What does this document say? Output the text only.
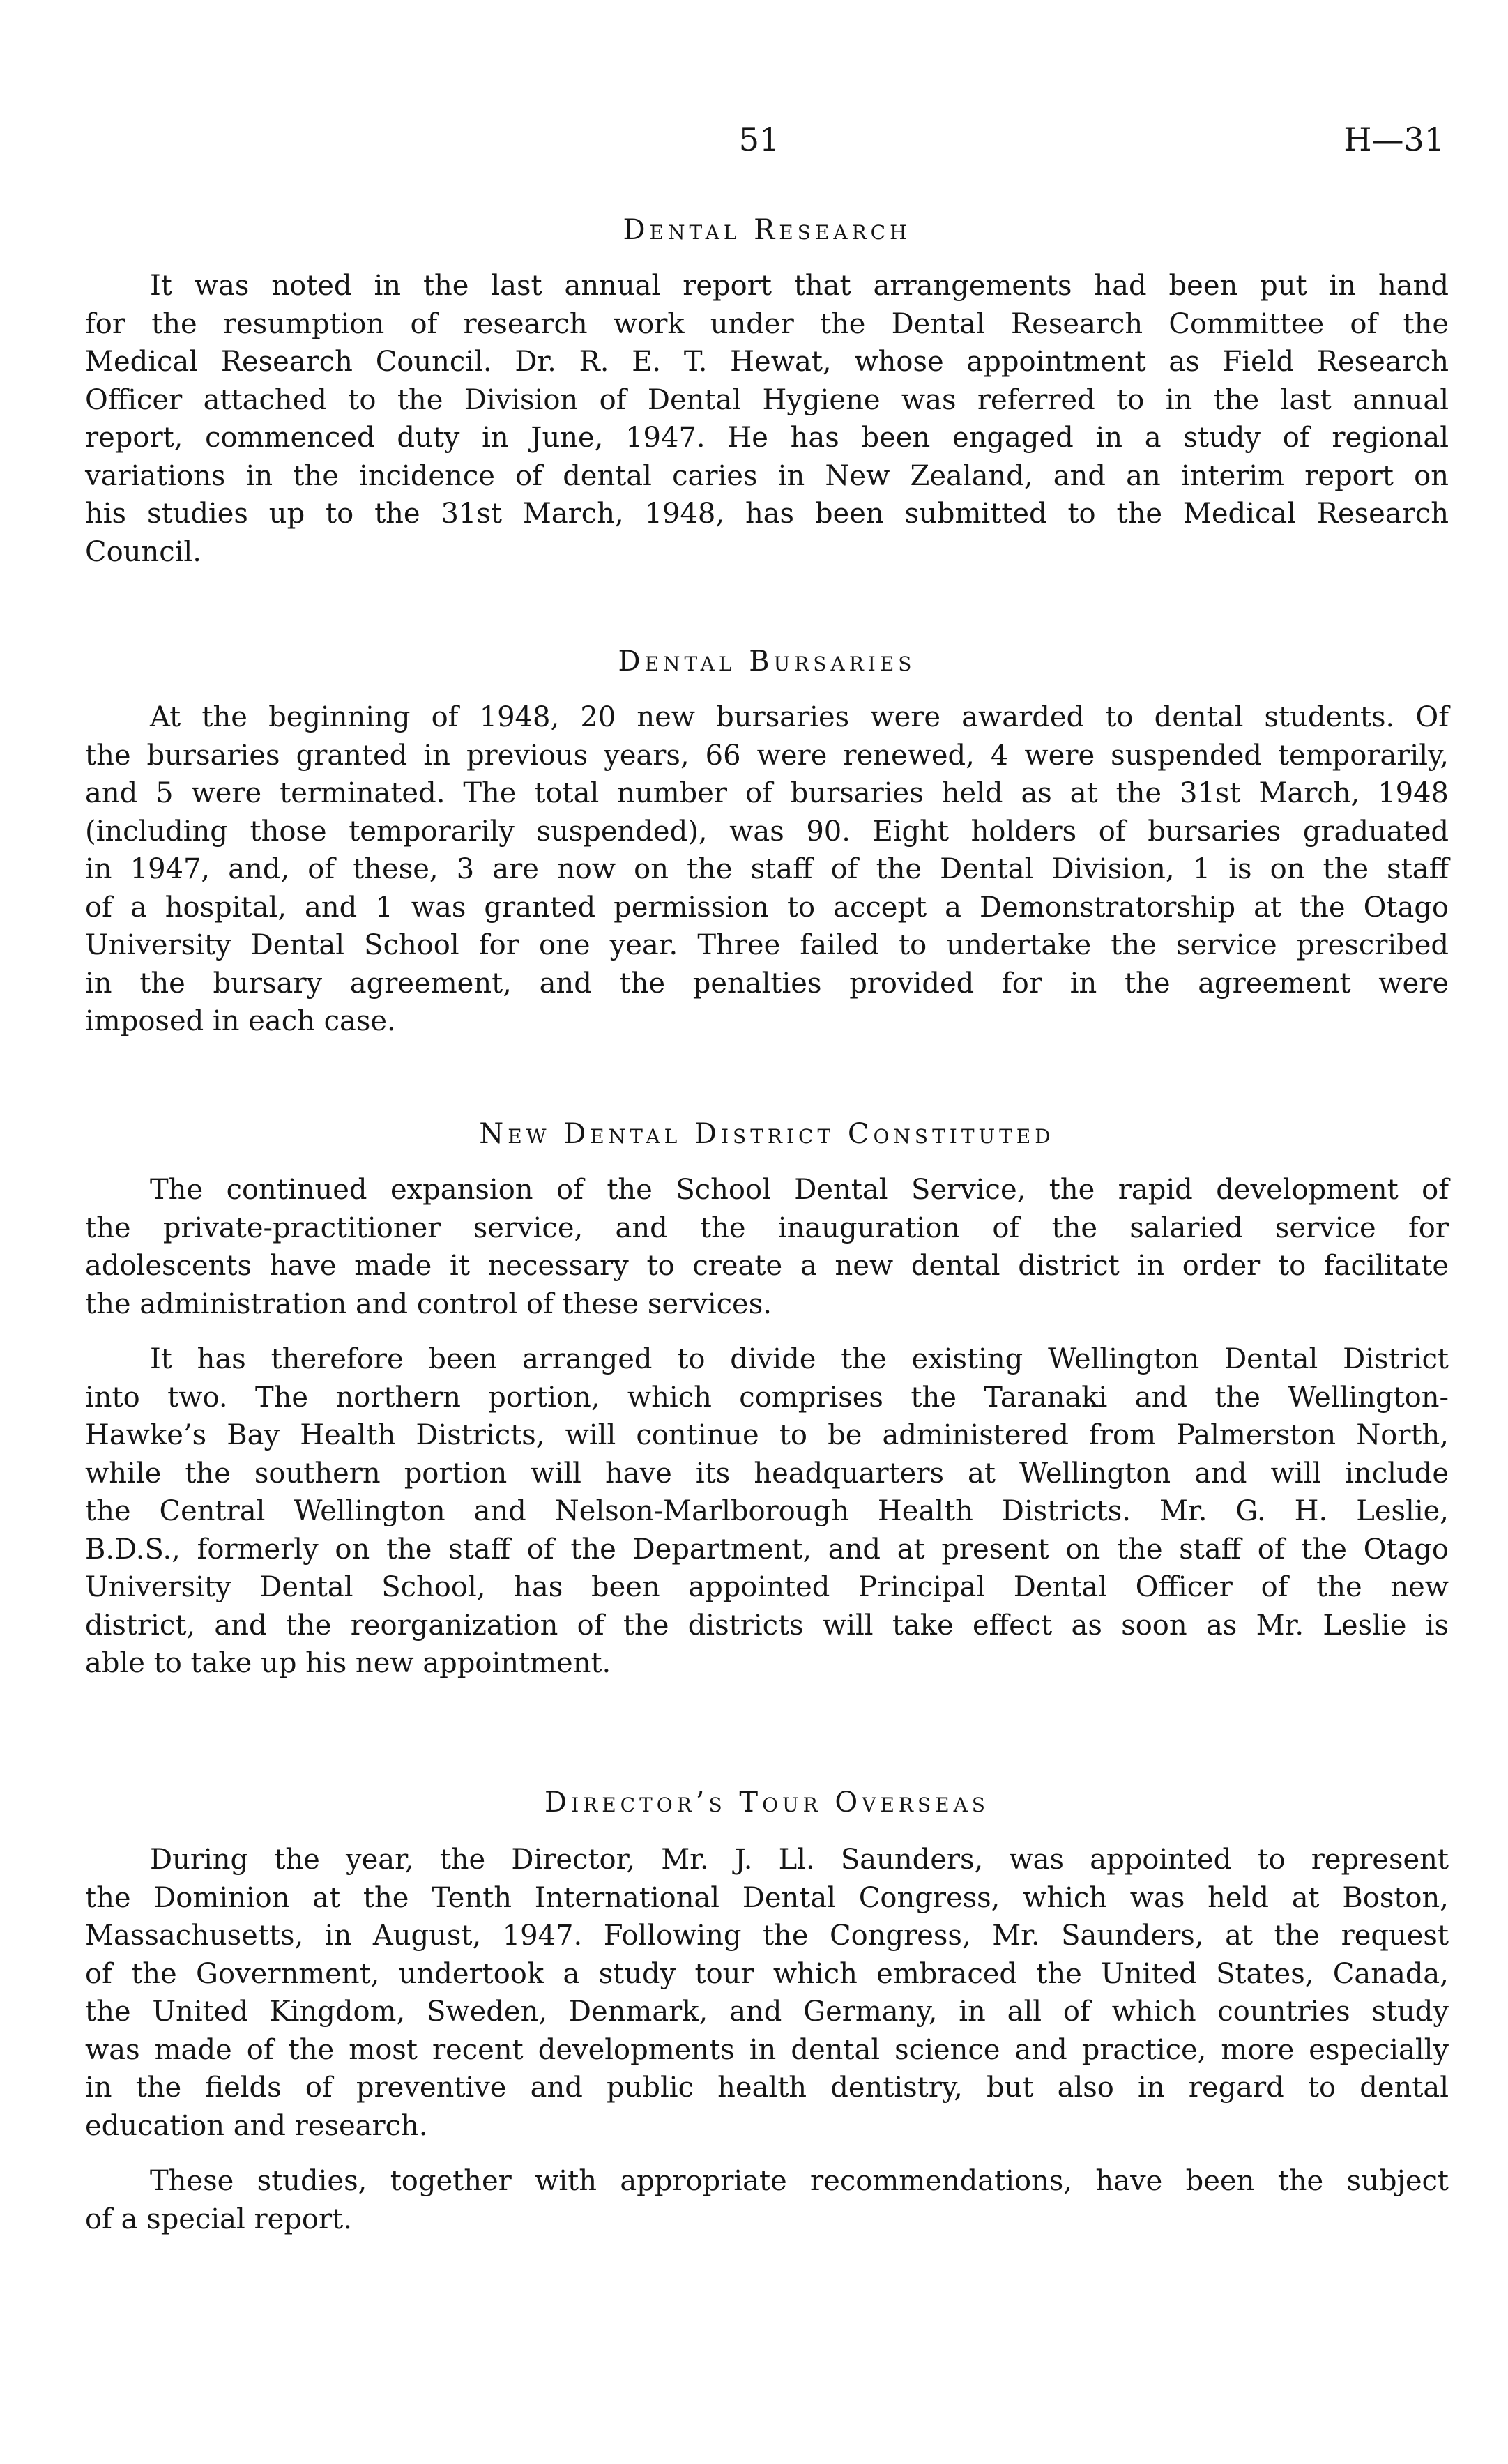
51	H—31
Dental Research
It was noted in the last annual report that arrangements had been put in hand
for the resumption of research work under the Dental Research Committee of the
Medical Research Council. Dr. R. E. T. Hewat, whose appointment as Field Research
Officer attached to the Division of Dental Hygiene was referred to in the last annual
report, commenced duty in June, 1947. He has been engaged in a study of regional
variations in the incidence of dental caries in New Zealand, and an interim report on
his studies up to the 31st March, 1948, has been submitted to the Medical Research
Council.
Dental Bursaries
At the beginning of 1948, 20 new bursaries were awarded to dental students. Of
the bursaries granted in previous years, 66 were renewed, 4 were suspended temporarily,
and 5 were terminated. The total number of bursaries held as at the 31st March, 1948
(including those temporarily suspended), was 90. Eight holders of bursaries graduated
in 1947, and, of these, 3 are now on the staff of the Dental Division, 1 is on the staff
of a hospital, and 1 was granted permission to accept a Demonstratorship at the Otago
University Dental School for one year. Three failed to undertake the service prescribed
in the bursary agreement, and the penalties provided for in the agreement were
imposed in each case.
New Dental District Constituted
The continued expansion of the School Dental Service, the rapid development of
the private-practitioner service, and the inauguration of the salaried service for
adolescents have made it necessary to create a new dental district in order to facilitate
the administration and control of these services.
It has therefore been arranged to divide the existing Wellington Dental District
into two. The northern portion, which comprises the Taranaki and the Wellington-
Hawke’s Bay Health Districts, will continue to be administered from Palmerston North,
while the southern portion will have its headquarters at Wellington and will include
the Central Wellington and Nelson-Marlborough Health Districts. Mr. G. H. Leslie,
B.D.S., formerly on the staff of the Department, and at present on the staff of the Otago
University Dental School, has been appointed Principal Dental Officer of the new
district, and the reorganization of the districts will take effect as soon as Mr. Leslie is
able to take up his new appointment.
Director’s Tour Overseas
During the year, the Director, Mr. J. Ll. Saunders, was appointed to represent
the Dominion at the Tenth International Dental Congress, which was held at Boston,
Massachusetts, in August, 1947. Following the Congress, Mr. Saunders, at the request
of the Government, undertook a study tour which embraced the United States, Canada,
the United Kingdom, Sweden, Denmark, and Germany, in all of which countries study
was made of the most recent developments in dental science and practice, more especially
in the fields of preventive and public health dentistry, but also in regard to dental
education and research.
These studies, together with appropriate recommendations, have been the subject
of a special report.
